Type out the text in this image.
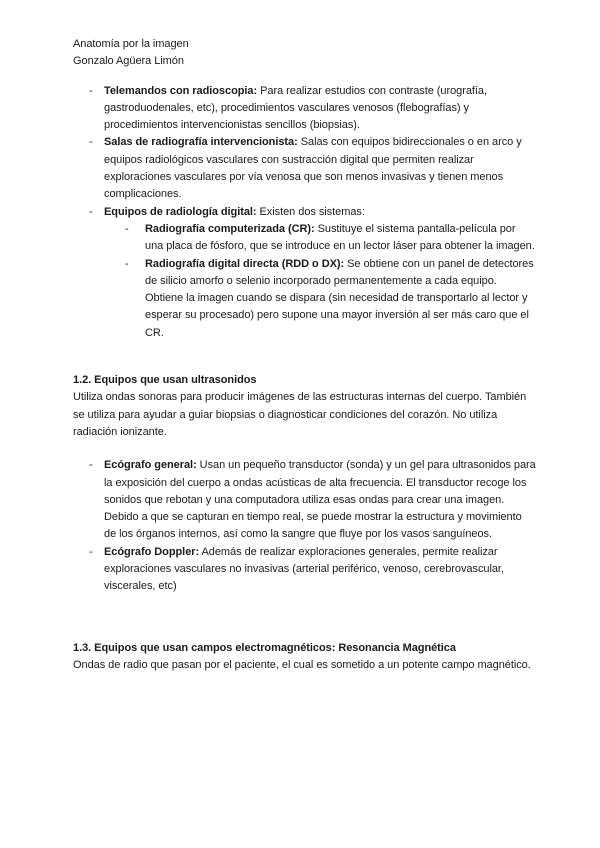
Anatomía por la imagen

Gonzalo Agüera Limón

- Telemandos con radioscopia: Para realizar estudios con contraste (urografía, gastroduodenales, etc), procedimientos vasculares venosos (flebografías) y procedimientos intervencionistas sencillos (biopsias).
- Salas de radiografía intervencionista: Salas con equipos bidireccionales o en arco y equipos radiológicos vasculares con sustracción digital que permiten realizar exploraciones vasculares por vía venosa que son menos invasivas y tienen menos complicaciones.
- Equipos de radiología digital: Existen dos sistemas:
- Radiografía computerizada (CR): Sustituye el sistema pantalla-película por una placa de fósforo, que se introduce en un lector láser para obtener la imagen.
- Radiografía digital directa (RDD o DX): Se obtiene con un panel de detectores de silicio amorfo o selenio incorporado permanentemente a cada equipo. Obtiene la imagen cuando se dispara (sin necesidad de transportarlo al lector y esperar su procesado) pero supone una mayor inversión al ser más caro que el CR.

1.2. Equipos que usan ultrasonidos

Utiliza ondas sonoras para producir imágenes de las estructuras internas del cuerpo. También se utiliza para ayudar a guiar biopsias o diagnosticar condiciones del corazón. No utiliza radiación ionizante.

- Ecógrafo general: Usan un pequeño transductor (sonda) y un gel para ultrasonidos para la exposición del cuerpo a ondas acústicas de alta frecuencia. El transductor recoge los sonidos que rebotan y una computadora utiliza esas ondas para crear una imagen. Debido a que se capturan en tiempo real, se puede mostrar la estructura y movimiento de los órganos internos, así como la sangre que fluye por los vasos sanguíneos.
- Ecógrafo Doppler: Además de realizar exploraciones generales, permite realizar exploraciones vasculares no invasivas (arterial periférico, venoso, cerebrovascular, viscerales, etc)

1.3. Equipos que usan campos electromagnéticos: Resonancia Magnética

Ondas de radio que pasan por el paciente, el cual es sometido a un potente campo magnético.
